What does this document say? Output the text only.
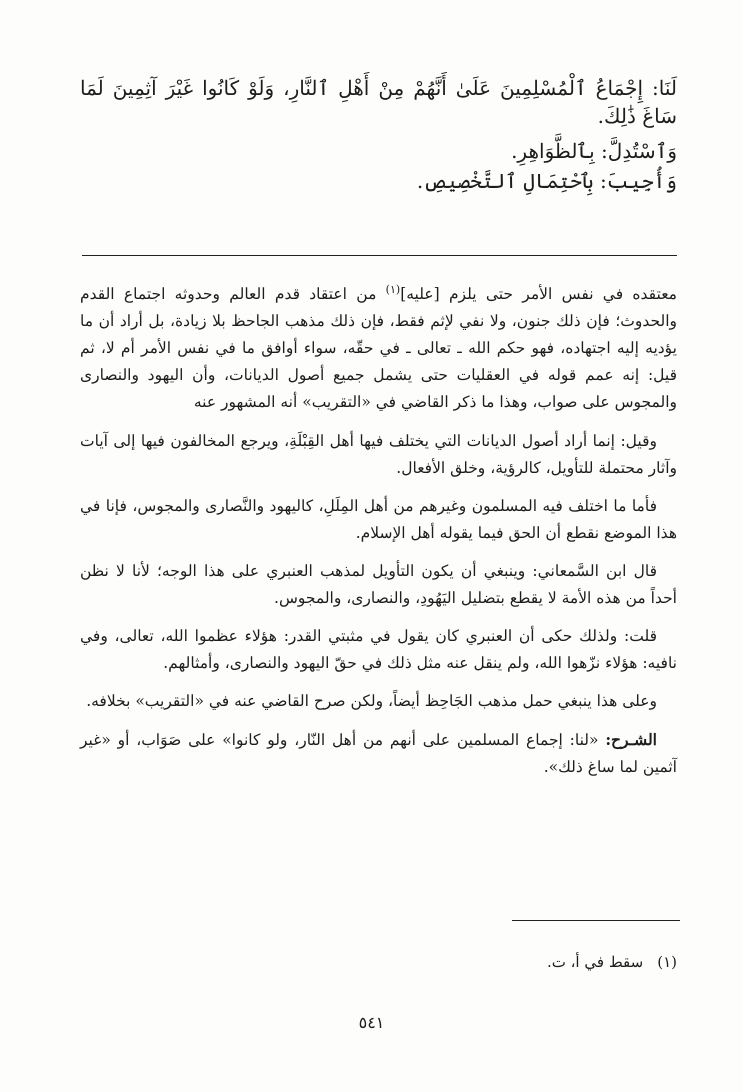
لَنَا: إِجْمَاعُ ٱلْمُسْلِمِينَ عَلَىٰ أَنَّهُمْ مِنْ أَهْلِ ٱلنَّارِ، وَلَوْ كَانُوا غَيْرَ آثِمِينَ لَمَا سَاغَ ذَٰلِكَ.

وَٱسْتُدِلَّ: بِٱلظَّوَاهِرِ.

وَأُجِيبَ: بِٱحْتِمَالِ ٱلتَّخْصِيصِ.

معتقده في نفس الأمر حتى يلزم [عليه]$^{(١)}$ من اعتقاد قدم العالم وحدوثه اجتماع القدم والحدوث؛ فإن ذلك جنون، ولا نفي لإثم فقط، فإن ذلك مذهب الجاحظ بلا زيادة، بل أراد أن ما يؤديه إليه اجتهاده، فهو حكم الله ـ تعالى ـ في حقّه، سواء أوافق ما في نفس الأمر أم لا، ثم قيل: إنه عمم قوله في العقليات حتى يشمل جميع أصول الديانات، وأن اليهود والنصارى والمجوس على صواب، وهذا ما ذكر القاضي في «التقريب» أنه المشهور عنه

وقيل: إنما أراد أصول الديانات التي يختلف فيها أهل القِبْلَةِ، ويرجع المخالفون فيها إلى آيات وآثار محتملة للتأويل، كالرؤية، وخلق الأفعال.

فأما ما اختلف فيه المسلمون وغيرهم من أهل المِلَلِ، كاليهود والنَّصارى والمجوس، فإنا في هذا الموضع نقطع أن الحق فيما يقوله أهل الإسلام.

قال ابن السَّمعاني: وينبغي أن يكون التأويل لمذهب العنبري على هذا الوجه؛ لأنا لا نظن أحداً من هذه الأمة لا يقطع بتضليل اليَهُودِ، والنصارى، والمجوس.

قلت: ولذلك حكى أن العنبري كان يقول في مثبتي القدر: هؤلاء عظموا الله، تعالى، وفي نافيه: هؤلاء نزّهوا الله، ولم ينقل عنه مثل ذلك في حقّ اليهود والنصارى، وأمثالهم.

وعلى هذا ينبغي حمل مذهب الجَاحِظ أيضاً، ولكن صرح القاضي عنه في «التقريب» بخلافه.

الشـرح: «لنا: إجماع المسلمين على أنهم من أهل النّار، ولو كانوا» على صَوَاب، أو «غير آثمين لما ساغ ذلك».

(١)سقط في أ، ت.
٥٤١
